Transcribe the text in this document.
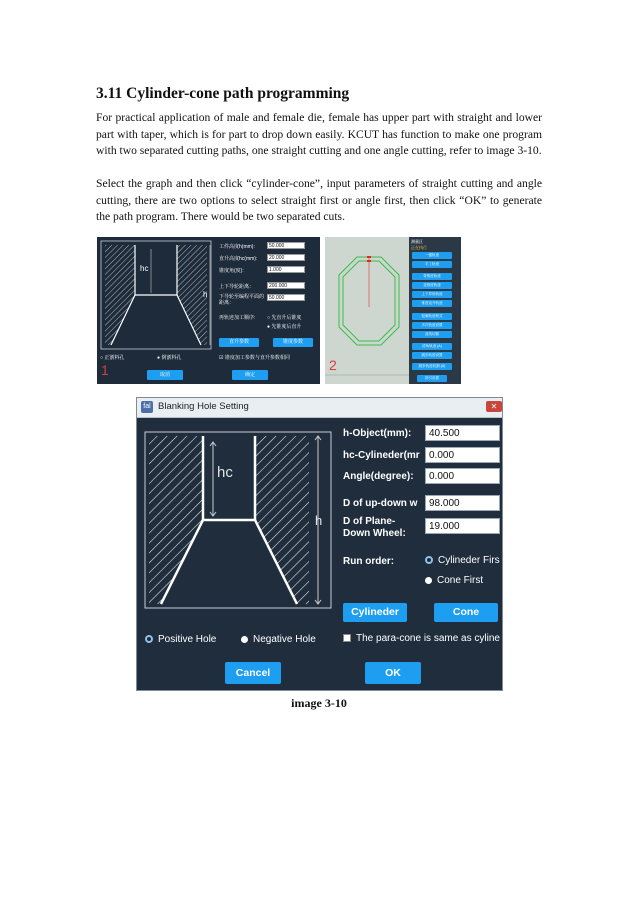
3.11 Cylinder-cone path programming
For practical application of male and female die, female has upper part with straight and lower part with taper, which is for part to drop down easily. KCUT has function to make one program with two separated cutting paths, one straight cutting and one angle cutting, refer to image 3-10.
Select the graph and then click “cylinder-cone”, input parameters of straight cutting and angle cutting, there are two options to select straight first or angle first, then click “OK” to generate the path program. There would be two separated cuts.
hc
h
工件高度h(mm):	50.000
直升高度hc(mm):	20.000
锥度角(度):	1.000
上下导轮距离：	200.000
下导轮至编程平面的距离：
50.000
再轨迹加工顺序: ○ 先直升后锥度
● 先锥度后直升
直升参数	锥度参数
○ 正割料孔	● 倒割料孔	☑ 锥度加工参数与直升参数相同
取消	确定
1	2
测量区
正在执行
一键轨迹
手工轨迹
带锥度轨迹
变锥度轨迹
上下异形轨迹
锥度直升轨迹
轮廓轨迹格式
多次轨迹设置
直线切割
清角轨迹 (A)
跳步轨迹设置
跳步轨迹切割 (A)
指引设置
fal Blanking Hole Setting	✕
hc
h
h-Object(mm):	40.500
hc-Cylineder(mr 0.000
Angle(degree):	0.000
D of up-down w	98.000
D of Plane-Down Wheel:
19.000
Run order:	Cylineder Firs
Cone First
Cylineder	Cone
Positive Hole	Negative Hole	The para-cone is same as cyline
Cancel	OK
image 3-10
